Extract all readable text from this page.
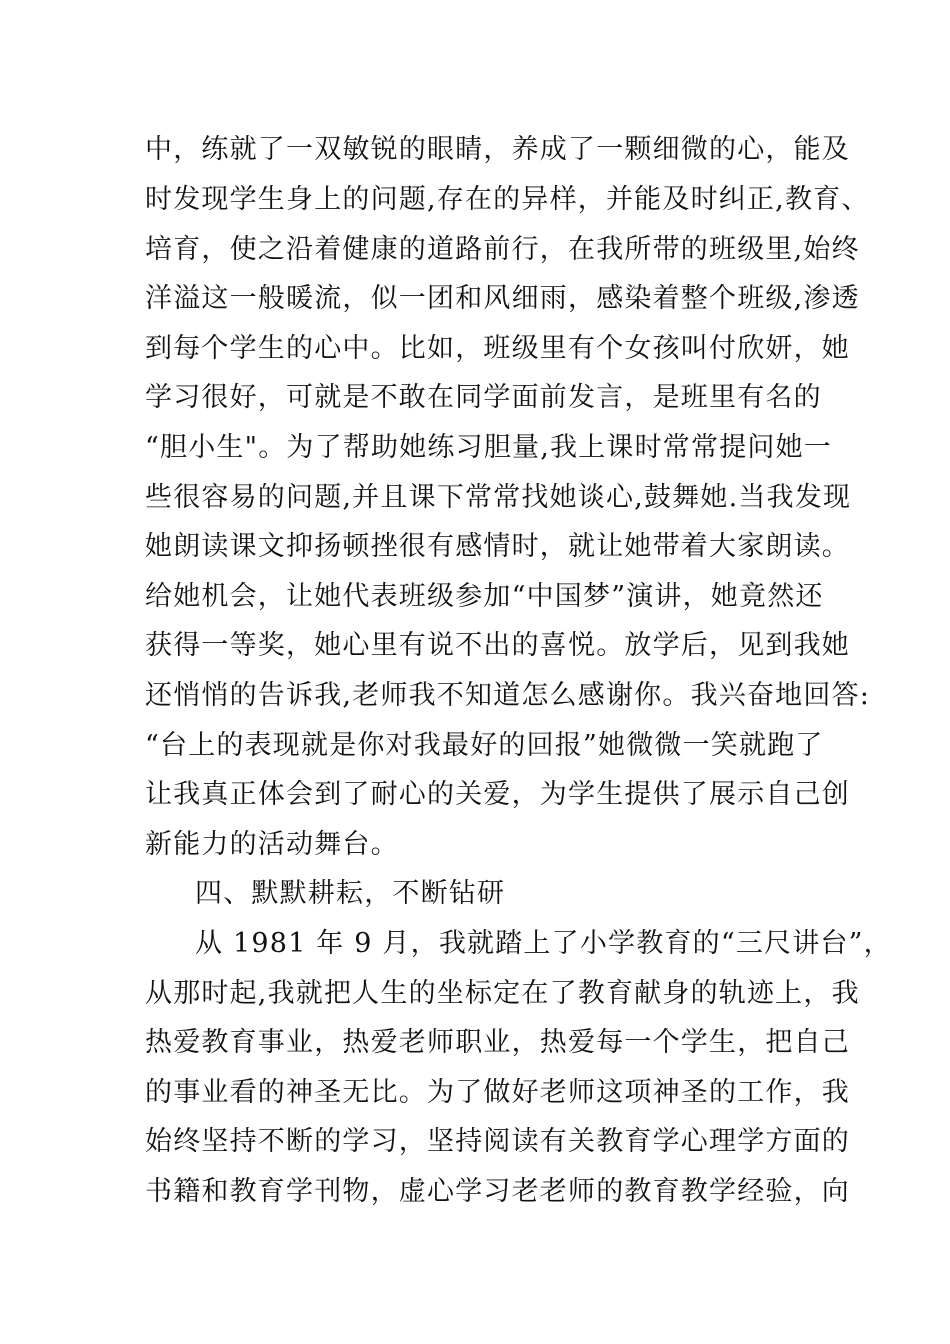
中，练就了一双敏锐的眼睛，养成了一颗细微的心，能及
时发现学生身上的问题,存在的异样，并能及时纠正,教育、
培育，使之沿着健康的道路前行，在我所带的班级里,始终
洋溢这一般暖流，似一团和风细雨，感染着整个班级,渗透
到每个学生的心中。比如，班级里有个女孩叫付欣妍，她
学习很好，可就是不敢在同学面前发言，是班里有名的
“胆小生"。为了帮助她练习胆量,我上课时常常提问她一
些很容易的问题,并且课下常常找她谈心,鼓舞她.当我发现
她朗读课文抑扬顿挫很有感情时，就让她带着大家朗读。
给她机会，让她代表班级参加“中国梦”演讲，她竟然还
获得一等奖，她心里有说不出的喜悦。放学后，见到我她
还悄悄的告诉我,老师我不知道怎么感谢你。我兴奋地回答:
“台上的表现就是你对我最好的回报”她微微一笑就跑了
让我真正体会到了耐心的关爱，为学生提供了展示自己创
新能力的活动舞台。
四、默默耕耘，不断钻研
从 1981 年 9 月，我就踏上了小学教育的“三尺讲台”，
从那时起,我就把人生的坐标定在了教育献身的轨迹上，我
热爱教育事业，热爱老师职业，热爱每一个学生，把自己
的事业看的神圣无比。为了做好老师这项神圣的工作，我
始终坚持不断的学习，坚持阅读有关教育学心理学方面的
书籍和教育学刊物，虚心学习老老师的教育教学经验，向
